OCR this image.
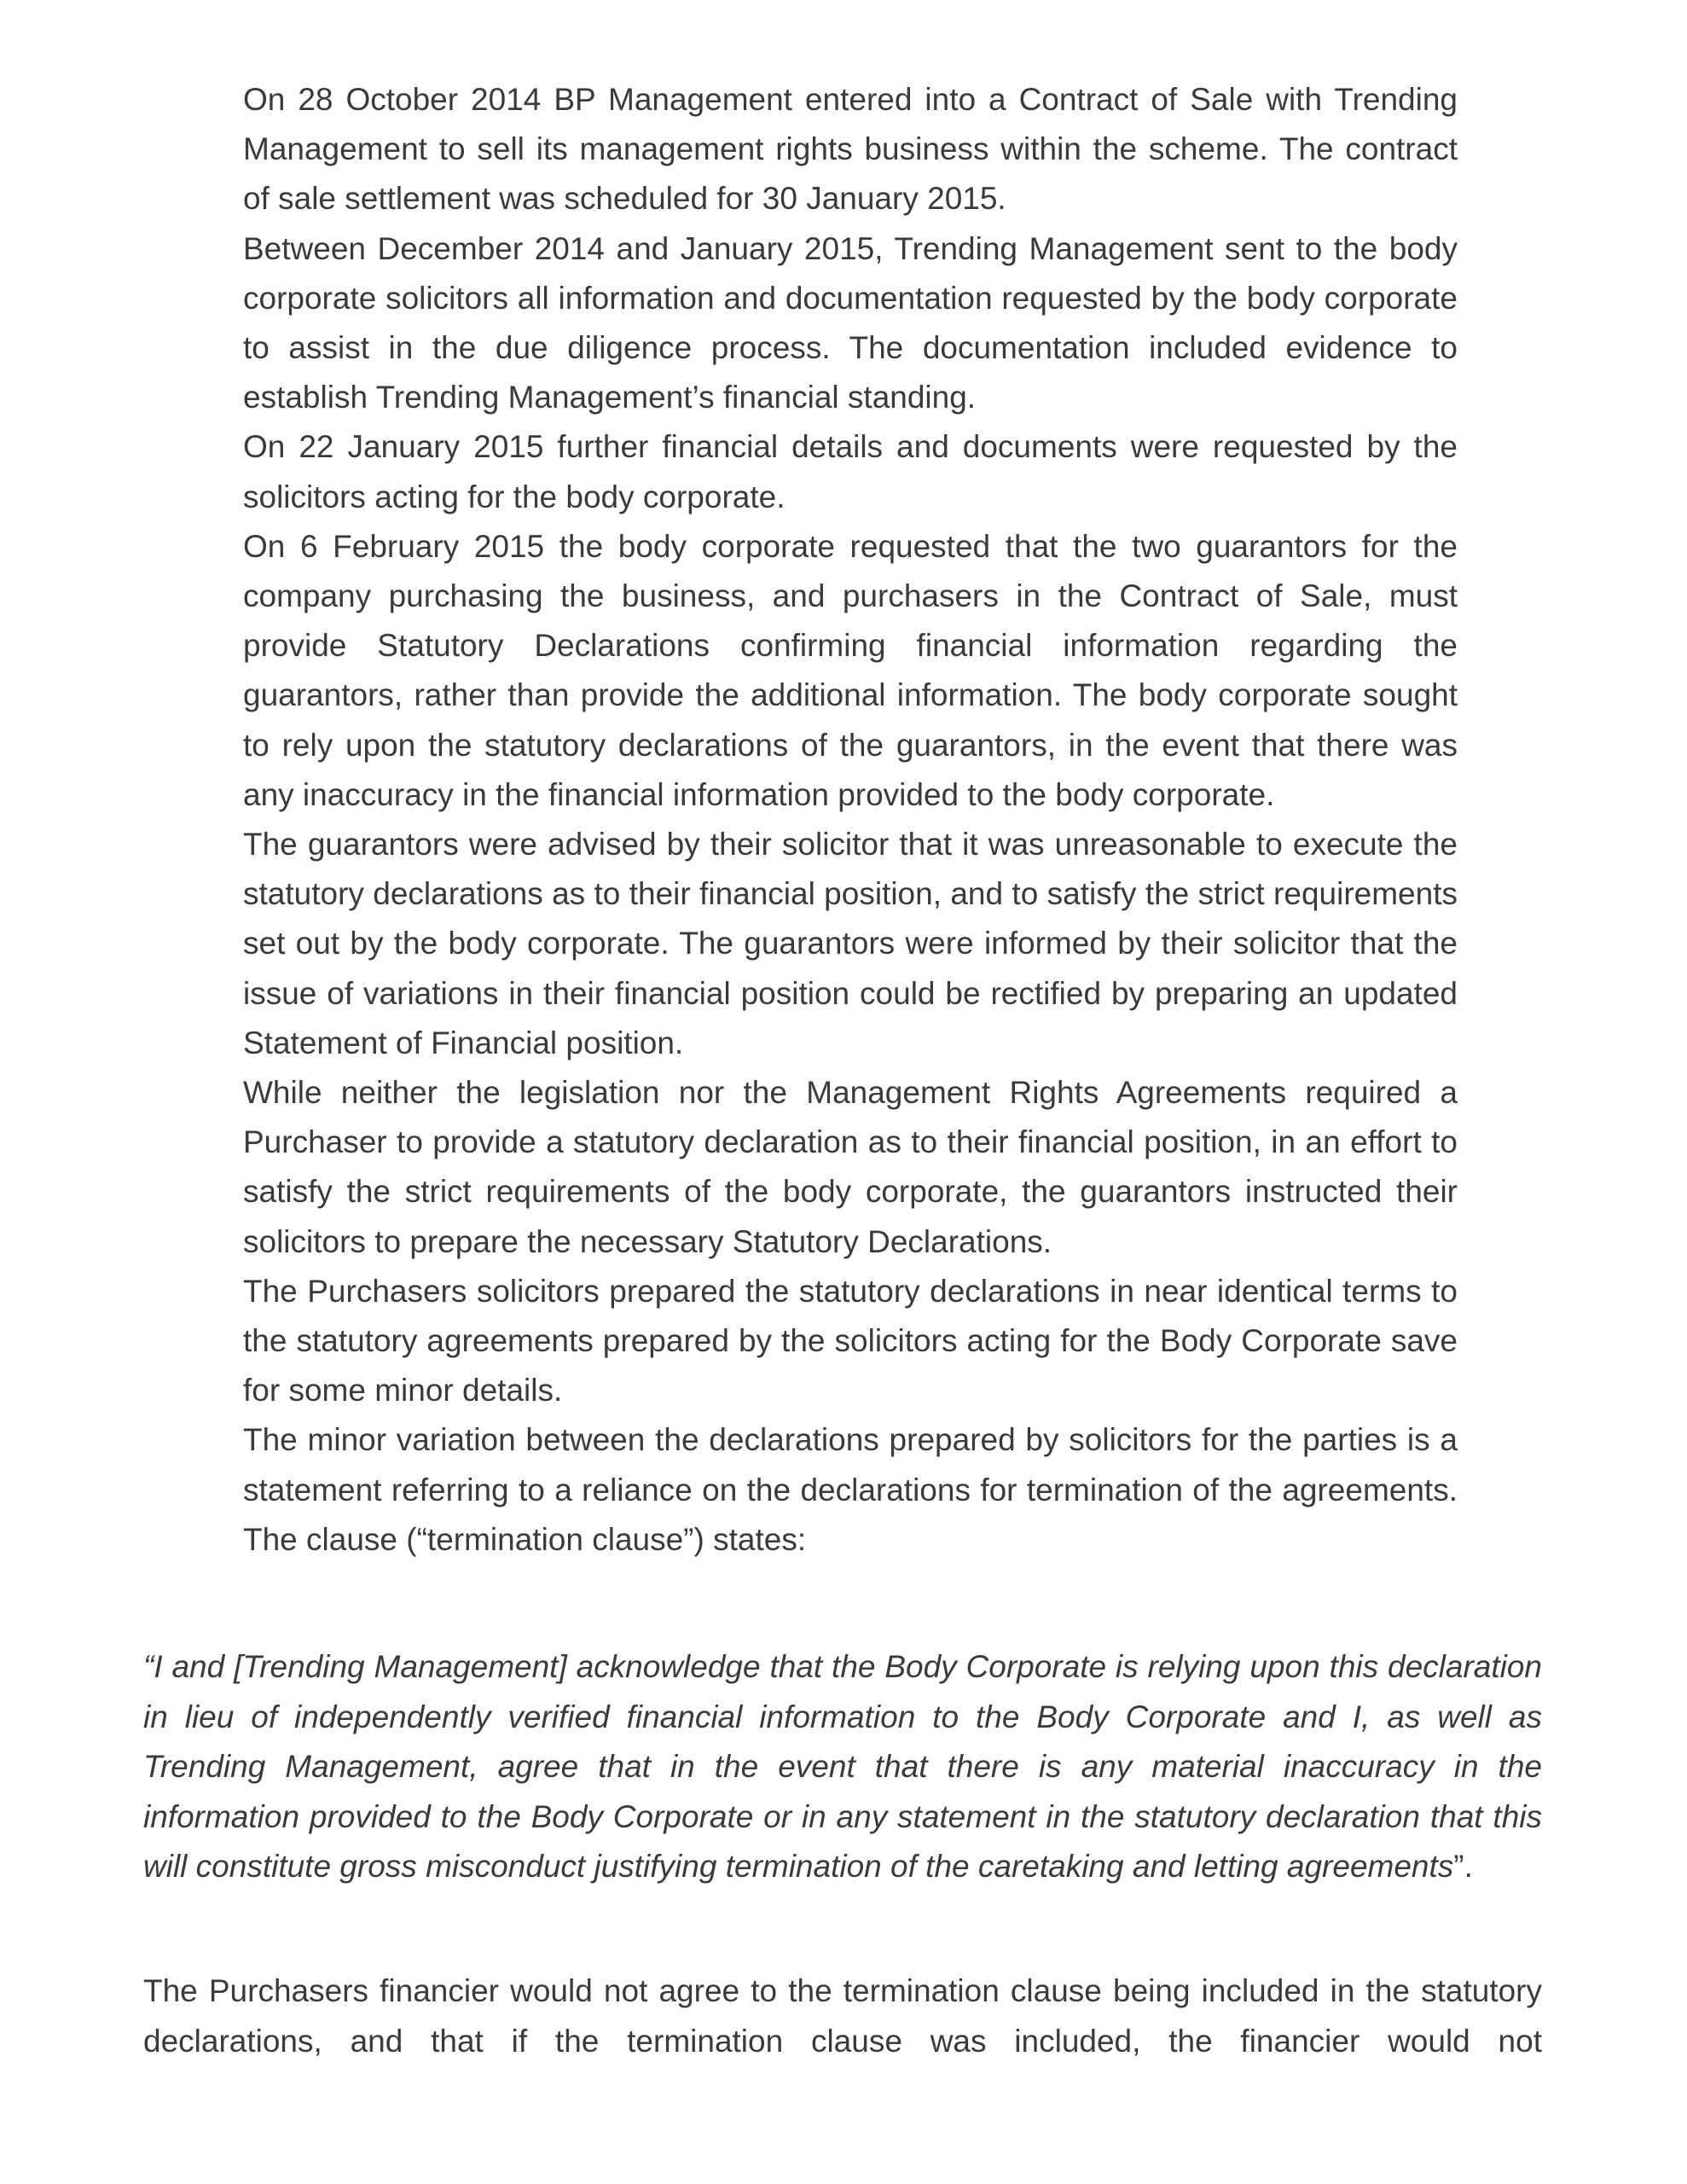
On 28 October 2014 BP Management entered into a Contract of Sale with Trending Management to sell its management rights business within the scheme. The contract of sale settlement was scheduled for 30 January 2015.

Between December 2014 and January 2015, Trending Management sent to the body corporate solicitors all information and documentation requested by the body corporate to assist in the due diligence process. The documentation included evidence to establish Trending Management’s financial standing.

On 22 January 2015 further financial details and documents were requested by the solicitors acting for the body corporate.

On 6 February 2015 the body corporate requested that the two guarantors for the company purchasing the business, and purchasers in the Contract of Sale, must provide Statutory Declarations confirming financial information regarding the guarantors, rather than provide the additional information. The body corporate sought to rely upon the statutory declarations of the guarantors, in the event that there was any inaccuracy in the financial information provided to the body corporate.

The guarantors were advised by their solicitor that it was unreasonable to execute the statutory declarations as to their financial position, and to satisfy the strict requirements set out by the body corporate. The guarantors were informed by their solicitor that the issue of variations in their financial position could be rectified by preparing an updated Statement of Financial position.

While neither the legislation nor the Management Rights Agreements required a Purchaser to provide a statutory declaration as to their financial position, in an effort to satisfy the strict requirements of the body corporate, the guarantors instructed their solicitors to prepare the necessary Statutory Declarations.

The Purchasers solicitors prepared the statutory declarations in near identical terms to the statutory agreements prepared by the solicitors acting for the Body Corporate save for some minor details.

The minor variation between the declarations prepared by solicitors for the parties is a statement referring to a reliance on the declarations for termination of the agreements. The clause (“termination clause”) states:

“I and [Trending Management] acknowledge that the Body Corporate is relying upon this declaration in lieu of independently verified financial information to the Body Corporate and I, as well as Trending Management, agree that in the event that there is any material inaccuracy in the information provided to the Body Corporate or in any statement in the statutory declaration that this will constitute gross misconduct justifying termination of the caretaking and letting agreements”.

The Purchasers financier would not agree to the termination clause being included in the statutory declarations, and that if the termination clause was included, the financier would not
